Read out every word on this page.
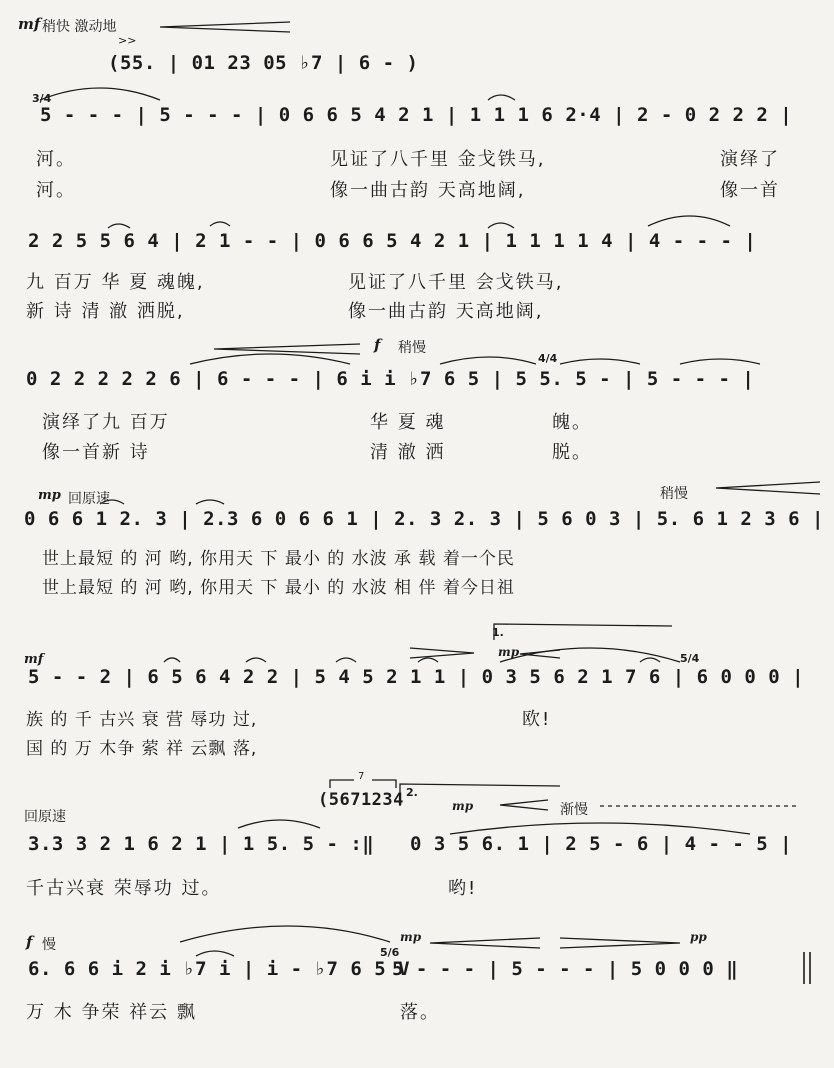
mf 稍快 激动地
>>
(55. | 01 23 05 ♭7 | 6 - )
3/4
5 - - - | 5 - - - | 0 6 6 5 4 2 1 | 1 1 1 6 2·4 | 2 - 0 2 2 2 |
河。	见证了八千里 金戈铁马,	演绎了
河。	像一曲古韵 天高地阔,	像一首
2 2 5 5 6 4 | 2 1 - - | 0 6 6 5 4 2 1 | 1 1 1 1 4 | 4 - - - |
九 百万 华 夏 魂魄,	见证了八千里 会戈铁马,
新 诗 清 澈 洒脱,	像一曲古韵 天高地阔,
f 稍慢
4/4
0 2 2 2 2 2 6 | 6 - - - | 6 i i ♭7 6 5 | 5 5. 5 - | 5 - - - |
演绎了九 百万	华 夏 魂	魄。
像一首新 诗	清 澈 洒	脱。
mp 回原速	稍慢
0 6 6 1 2. 3 | 2.3 6 0 6 6 1 | 2. 3 2. 3 | 5 6 0 3 | 5. 6 1 2 3 6 |
世上最短 的 河 哟, 你用天 下 最小 的 水波 承 载 着一个民
世上最短 的 河 哟, 你用天 下 最小 的 水波 相 伴 着今日祖
mf
1.
mp	5/4
5 - - 2 | 6 5 6 4 2 2 | 5 4 5 2 1 1 | 0 3 5 6 2 1 7 6 | 6 0 0 0 |
族 的 千 古兴 衰 营 辱功 过,	欧!
国 的 万 木争 萦 祥 云飘 落,
回原速
7
(5671234 2.
mp	渐慢
3.3 3 2 1 6 2 1 | 1 5. 5 - :‖ 0 3 5 6. 1 | 2 5 - 6 | 4 - - 5 |
千古兴衰 荣辱功 过。	哟!
f 慢	mp	pp
5/6
6. 6 6 i 2 i ♭7 i | i - ♭7 6 5 V
5 - - - | 5 - - - | 5 0 0 0 ‖
万 木 争荣 祥云 飘	落。
